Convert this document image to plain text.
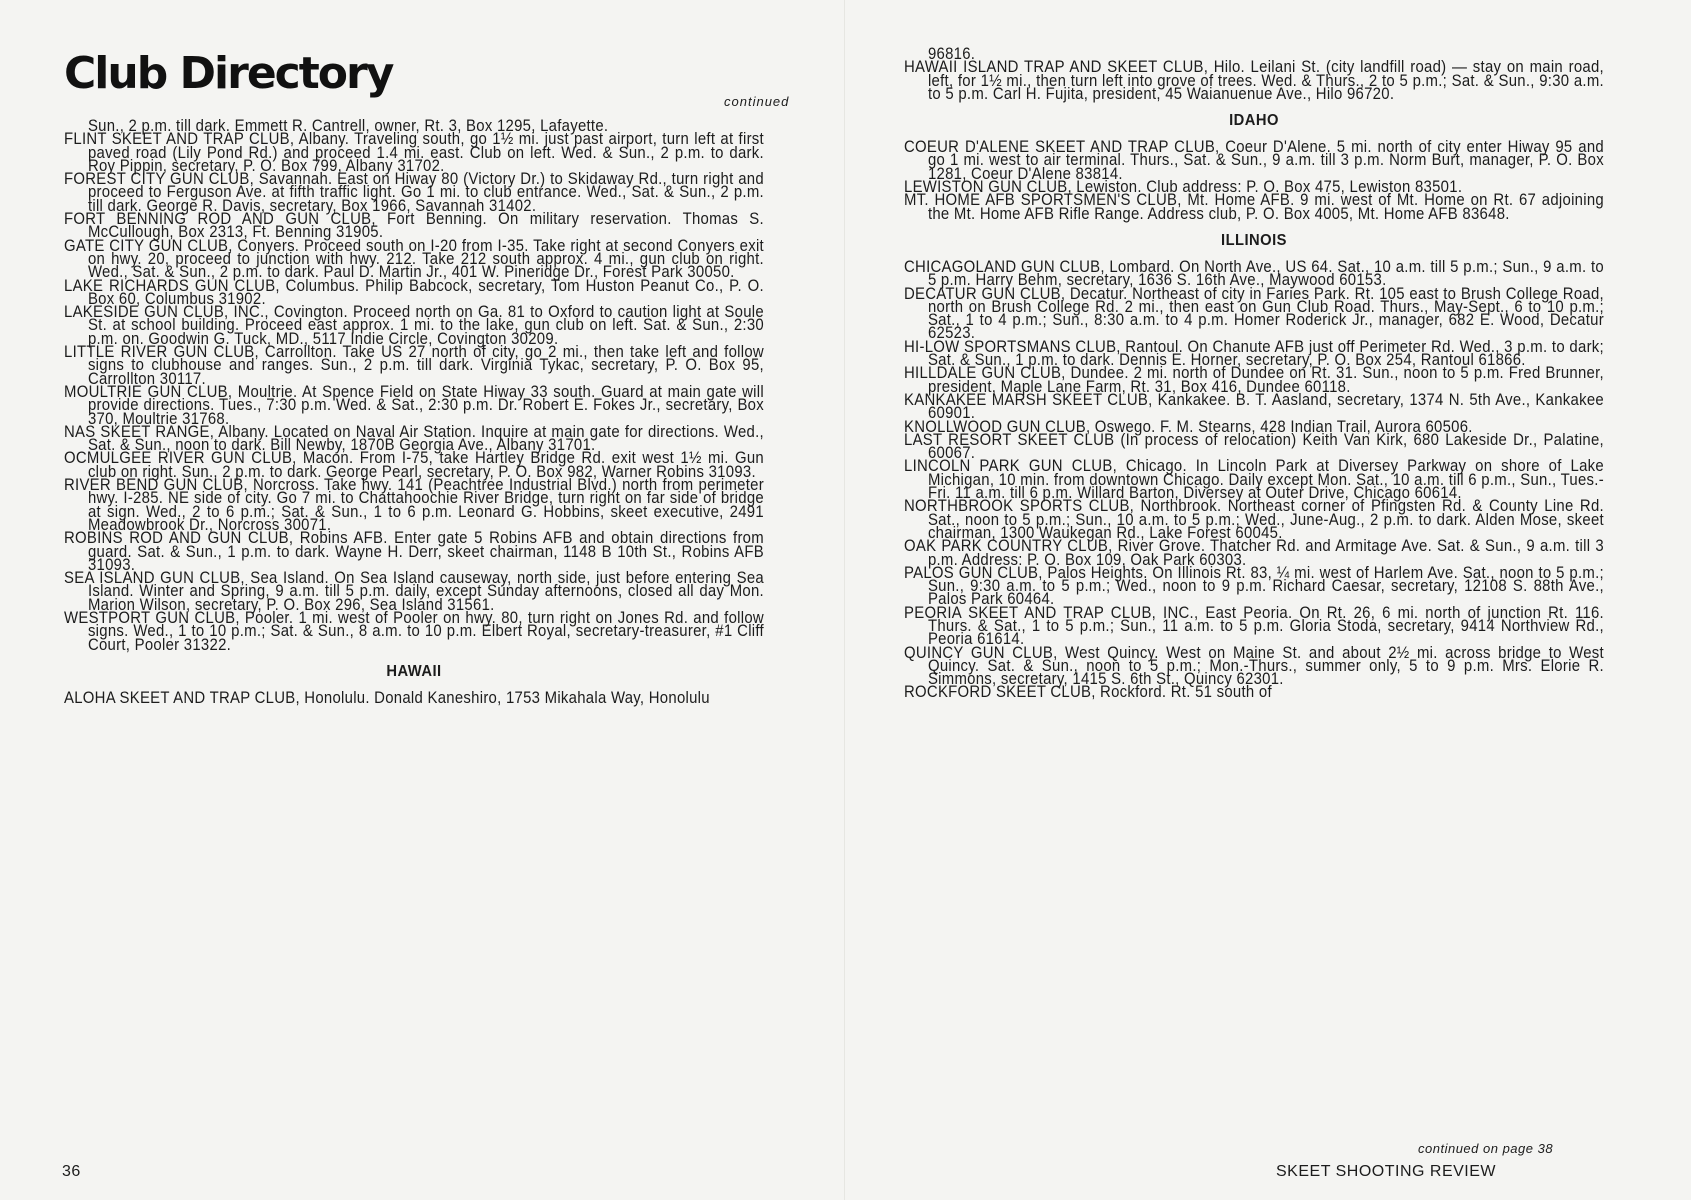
Club Directory
continued

Sun., 2 p.m. till dark. Emmett R. Cantrell, owner, Rt. 3, Box 1295, Lafayette.

FLINT SKEET AND TRAP CLUB, Albany. Traveling south, go 1½ mi. just past airport, turn left at first paved road (Lily Pond Rd.) and proceed 1.4 mi. east. Club on left. Wed. & Sun., 2 p.m. to dark. Roy Pippin, secretary, P. O. Box 799, Albany 31702.

FOREST CITY GUN CLUB, Savannah. East on Hiway 80 (Victory Dr.) to Skidaway Rd., turn right and proceed to Ferguson Ave. at fifth traffic light. Go 1 mi. to club entrance. Wed., Sat. & Sun., 2 p.m. till dark. George R. Davis, secretary, Box 1966, Savannah 31402.

FORT BENNING ROD AND GUN CLUB, Fort Benning. On military reservation. Thomas S. McCullough, Box 2313, Ft. Benning 31905.

GATE CITY GUN CLUB, Conyers. Proceed south on I-20 from I-35. Take right at second Conyers exit on hwy. 20, proceed to junction with hwy. 212. Take 212 south approx. 4 mi., gun club on right. Wed., Sat. & Sun., 2 p.m. to dark. Paul D. Martin Jr., 401 W. Pineridge Dr., Forest Park 30050.

LAKE RICHARDS GUN CLUB, Columbus. Philip Babcock, secretary, Tom Huston Peanut Co., P. O. Box 60, Columbus 31902.

LAKESIDE GUN CLUB, INC., Covington. Proceed north on Ga. 81 to Oxford to caution light at Soule St. at school building. Proceed east approx. 1 mi. to the lake, gun club on left. Sat. & Sun., 2:30 p.m. on. Goodwin G. Tuck, MD., 5117 Indie Circle, Covington 30209.

LITTLE RIVER GUN CLUB, Carrollton. Take US 27 north of city, go 2 mi., then take left and follow signs to clubhouse and ranges. Sun., 2 p.m. till dark. Virginia Tykac, secretary, P. O. Box 95, Carrollton 30117.

MOULTRIE GUN CLUB, Moultrie. At Spence Field on State Hiway 33 south. Guard at main gate will provide directions. Tues., 7:30 p.m. Wed. & Sat., 2:30 p.m. Dr. Robert E. Fokes Jr., secretary, Box 370, Moultrie 31768.

NAS SKEET RANGE, Albany. Located on Naval Air Station. Inquire at main gate for directions. Wed., Sat. & Sun., noon to dark. Bill Newby, 1870B Georgia Ave., Albany 31701.

OCMULGEE RIVER GUN CLUB, Macon. From I-75, take Hartley Bridge Rd. exit west 1½ mi. Gun club on right. Sun., 2 p.m. to dark. George Pearl, secretary, P. O. Box 982, Warner Robins 31093.

RIVER BEND GUN CLUB, Norcross. Take hwy. 141 (Peachtree Industrial Blvd.) north from perimeter hwy. I-285. NE side of city. Go 7 mi. to Chattahoochie River Bridge, turn right on far side of bridge at sign. Wed., 2 to 6 p.m.; Sat. & Sun., 1 to 6 p.m. Leonard G. Hobbins, skeet executive, 2491 Meadowbrook Dr., Norcross 30071.

ROBINS ROD AND GUN CLUB, Robins AFB. Enter gate 5 Robins AFB and obtain directions from guard. Sat. & Sun., 1 p.m. to dark. Wayne H. Derr, skeet chairman, 1148 B 10th St., Robins AFB 31093.

SEA ISLAND GUN CLUB, Sea Island. On Sea Island causeway, north side, just before entering Sea Island. Winter and Spring, 9 a.m. till 5 p.m. daily, except Sunday afternoons, closed all day Mon. Marion Wilson, secretary, P. O. Box 296, Sea Island 31561.

WESTPORT GUN CLUB, Pooler. 1 mi. west of Pooler on hwy. 80, turn right on Jones Rd. and follow signs. Wed., 1 to 10 p.m.; Sat. & Sun., 8 a.m. to 10 p.m. Elbert Royal, secretary-treasurer, #1 Cliff Court, Pooler 31322.

HAWAII

ALOHA SKEET AND TRAP CLUB, Honolulu. Donald Kaneshiro, 1753 Mikahala Way, Honolulu

96816.

HAWAII ISLAND TRAP AND SKEET CLUB, Hilo. Leilani St. (city landfill road) — stay on main road, left, for 1½ mi., then turn left into grove of trees. Wed. & Thurs., 2 to 5 p.m.; Sat. & Sun., 9:30 a.m. to 5 p.m. Carl H. Fujita, president, 45 Waianuenue Ave., Hilo 96720.

IDAHO

COEUR D'ALENE SKEET AND TRAP CLUB, Coeur D'Alene. 5 mi. north of city enter Hiway 95 and go 1 mi. west to air terminal. Thurs., Sat. & Sun., 9 a.m. till 3 p.m. Norm Burt, manager, P. O. Box 1281, Coeur D'Alene 83814.

LEWISTON GUN CLUB, Lewiston. Club address: P. O. Box 475, Lewiston 83501.

MT. HOME AFB SPORTSMEN'S CLUB, Mt. Home AFB. 9 mi. west of Mt. Home on Rt. 67 adjoining the Mt. Home AFB Rifle Range. Address club, P. O. Box 4005, Mt. Home AFB 83648.

ILLINOIS

CHICAGOLAND GUN CLUB, Lombard. On North Ave., US 64. Sat., 10 a.m. till 5 p.m.; Sun., 9 a.m. to 5 p.m. Harry Behm, secretary, 1636 S. 16th Ave., Maywood 60153.

DECATUR GUN CLUB, Decatur. Northeast of city in Faries Park. Rt. 105 east to Brush College Road, north on Brush College Rd. 2 mi., then east on Gun Club Road. Thurs., May-Sept., 6 to 10 p.m.; Sat., 1 to 4 p.m.; Sun., 8:30 a.m. to 4 p.m. Homer Roderick Jr., manager, 682 E. Wood, Decatur 62523.

HI-LOW SPORTSMANS CLUB, Rantoul. On Chanute AFB just off Perimeter Rd. Wed., 3 p.m. to dark; Sat. & Sun., 1 p.m. to dark. Dennis E. Horner, secretary, P. O. Box 254, Rantoul 61866.

HILLDALE GUN CLUB, Dundee. 2 mi. north of Dundee on Rt. 31. Sun., noon to 5 p.m. Fred Brunner, president, Maple Lane Farm, Rt. 31, Box 416, Dundee 60118.

KANKAKEE MARSH SKEET CLUB, Kankakee. B. T. Aasland, secretary, 1374 N. 5th Ave., Kankakee 60901.

KNOLLWOOD GUN CLUB, Oswego. F. M. Stearns, 428 Indian Trail, Aurora 60506.

LAST RESORT SKEET CLUB (In process of relocation) Keith Van Kirk, 680 Lakeside Dr., Palatine, 60067.

LINCOLN PARK GUN CLUB, Chicago. In Lincoln Park at Diversey Parkway on shore of Lake Michigan, 10 min. from downtown Chicago. Daily except Mon. Sat., 10 a.m. till 6 p.m., Sun., Tues.-Fri. 11 a.m. till 6 p.m. Willard Barton, Diversey at Outer Drive, Chicago 60614.

NORTHBROOK SPORTS CLUB, Northbrook. Northeast corner of Pfingsten Rd. & County Line Rd. Sat., noon to 5 p.m.; Sun., 10 a.m. to 5 p.m.; Wed., June-Aug., 2 p.m. to dark. Alden Mose, skeet chairman, 1300 Waukegan Rd., Lake Forest 60045.

OAK PARK COUNTRY CLUB, River Grove. Thatcher Rd. and Armitage Ave. Sat. & Sun., 9 a.m. till 3 p.m. Address: P. O. Box 109, Oak Park 60303.

PALOS GUN CLUB, Palos Heights. On Illinois Rt. 83, ¼ mi. west of Harlem Ave. Sat., noon to 5 p.m.; Sun., 9:30 a.m. to 5 p.m.; Wed., noon to 9 p.m. Richard Caesar, secretary, 12108 S. 88th Ave., Palos Park 60464.

PEORIA SKEET AND TRAP CLUB, INC., East Peoria. On Rt. 26, 6 mi. north of junction Rt. 116. Thurs. & Sat., 1 to 5 p.m.; Sun., 11 a.m. to 5 p.m. Gloria Stoda, secretary, 9414 Northview Rd., Peoria 61614.

QUINCY GUN CLUB, West Quincy. West on Maine St. and about 2½ mi. across bridge to West Quincy. Sat. & Sun., noon to 5 p.m.; Mon.-Thurs., summer only, 5 to 9 p.m. Mrs. Elorie R. Simmons, secretary, 1415 S. 6th St., Quincy 62301.

ROCKFORD SKEET CLUB, Rockford. Rt. 51 south of

continued on page 38
36	SKEET SHOOTING REVIEW
